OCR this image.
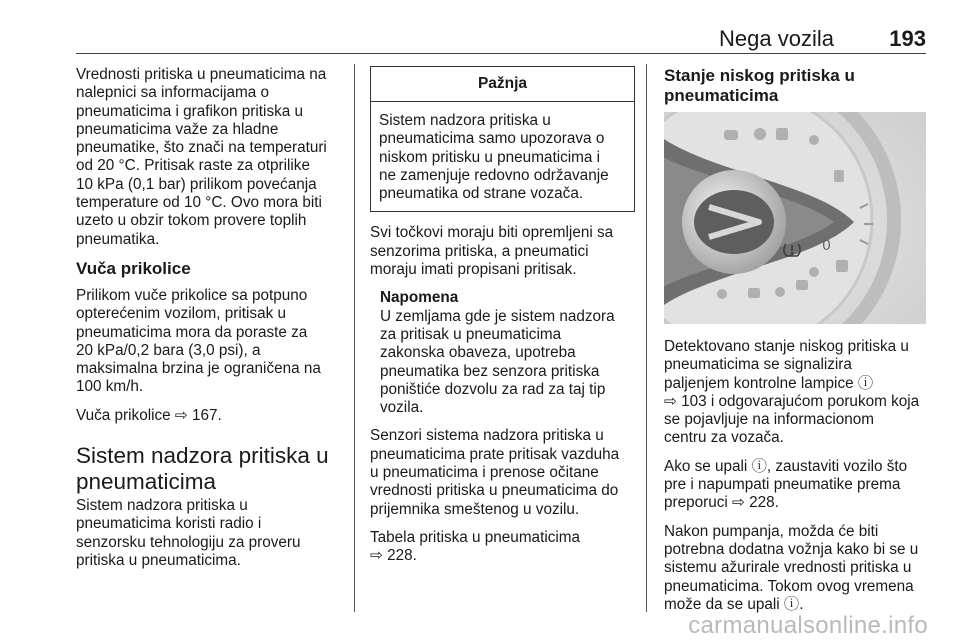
Nega vozila	193

Vrednosti pritiska u pneumaticima na
nalepnici sa informacijama o
pneumaticima i grafikon pritiska u
pneumaticima važe za hladne
pneumatike, što znači na temperaturi
od 20 °C. Pritisak raste za otprilike
10 kPa (0,1 bar) prilikom povećanja
temperature od 10 °C. Ovo mora biti
uzeto u obzir tokom provere toplih
pneumatika.

Vuča prikolice

Prilikom vuče prikolice sa potpuno
opterećenim vozilom, pritisak u
pneumaticima mora da poraste za
20 kPa/0,2 bara (3,0 psi), a
maksimalna brzina je ograničena na
100 km/h.

Vuča prikolice ⇨ 167.

Sistem nadzora pritiska u
pneumaticima

Sistem nadzora pritiska u
pneumaticima koristi radio i
senzorsku tehnologiju za proveru
pritiska u pneumaticima.

Pažnja
Sistem nadzora pritiska u
pneumaticima samo upozorava o
niskom pritisku u pneumaticima i
ne zamenjuje redovno održavanje
pneumatika od strane vozača.

Svi točkovi moraju biti opremljeni sa
senzorima pritiska, a pneumatici
moraju imati propisani pritisak.

Napomena
U zemljama gde je sistem nadzora
za pritisak u pneumaticima
zakonska obaveza, upotreba
pneumatika bez senzora pritiska
poništiće dozvolu za rad za taj tip
vozila.

Senzori sistema nadzora pritiska u
pneumaticima prate pritisak vazduha
u pneumaticima i prenose očitane
vrednosti pritiska u pneumaticima do
prijemnika smeštenog u vozilu.

Tabela pritiska u pneumaticima
⇨ 228.

Stanje niskog pritiska u
pneumaticima
0

Detektovano stanje niskog pritiska u
pneumaticima se signalizira
paljenjem kontrolne lampice ⓘ
⇨ 103 i odgovarajućom porukom koja
se pojavljuje na informacionom
centru za vozača.

Ako se upali ⓘ, zaustaviti vozilo što
pre i napumpati pneumatike prema
preporuci ⇨ 228.

Nakon pumpanja, možda će biti
potrebna dodatna vožnja kako bi se u
sistemu ažurirale vrednosti pritiska u
pneumaticima. Tokom ovog vremena
može da se upali ⓘ.

carmanualsonline.info
